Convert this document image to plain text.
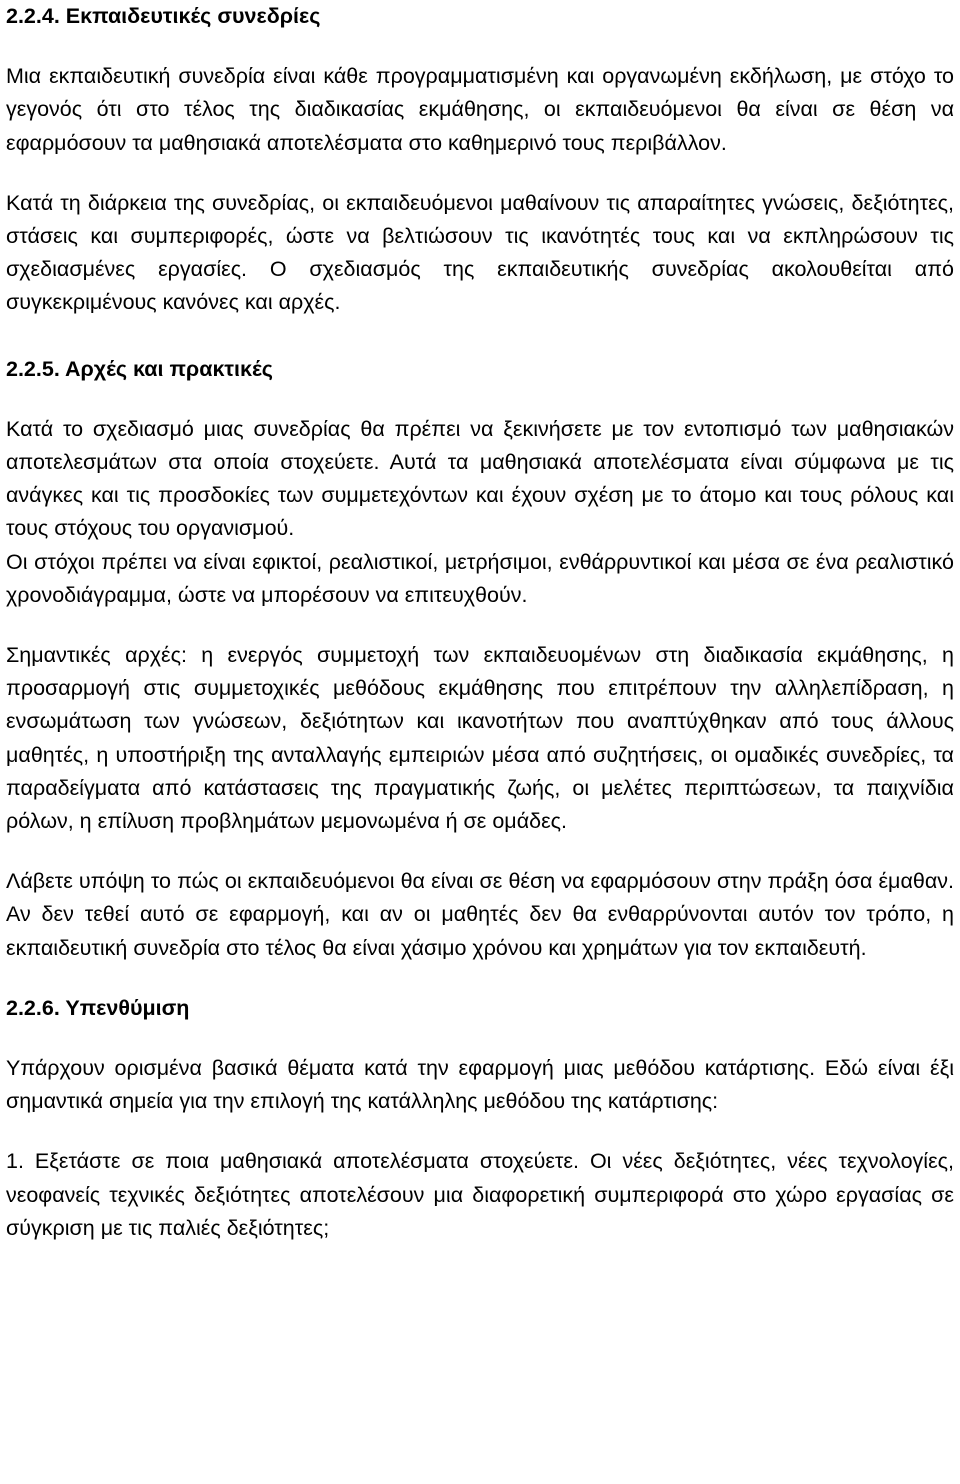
2.2.4. Εκπαιδευτικές συνεδρίες

Μια εκπαιδευτική συνεδρία είναι κάθε προγραμματισμένη και οργανωμένη εκδήλωση, με στόχο το γεγονός ότι στο τέλος της διαδικασίας εκμάθησης, οι εκπαιδευόμενοι θα είναι σε θέση να εφαρμόσουν τα μαθησιακά αποτελέσματα στο καθημερινό τους περιβάλλον.

Κατά τη διάρκεια της συνεδρίας, οι εκπαιδευόμενοι μαθαίνουν τις απαραίτητες γνώσεις, δεξιότητες, στάσεις και συμπεριφορές, ώστε να βελτιώσουν τις ικανότητές τους και να εκπληρώσουν τις σχεδιασμένες εργασίες. Ο σχεδιασμός της εκπαιδευτικής συνεδρίας ακολουθείται από συγκεκριμένους κανόνες και αρχές.

2.2.5. Αρχές και πρακτικές

Κατά το σχεδιασμό μιας συνεδρίας θα πρέπει να ξεκινήσετε με τον εντοπισμό των μαθησιακών αποτελεσμάτων στα οποία στοχεύετε. Αυτά τα μαθησιακά αποτελέσματα είναι σύμφωνα με τις ανάγκες και τις προσδοκίες των συμμετεχόντων και έχουν σχέση με το άτομο και τους ρόλους και τους στόχους του οργανισμού.

Οι στόχοι πρέπει να είναι εφικτοί, ρεαλιστικοί, μετρήσιμοι, ενθάρρυντικοί και μέσα σε ένα ρεαλιστικό χρονοδιάγραμμα, ώστε να μπορέσουν να επιτευχθούν.

Σημαντικές αρχές: η ενεργός συμμετοχή των εκπαιδευομένων στη διαδικασία εκμάθησης, η προσαρμογή στις συμμετοχικές μεθόδους εκμάθησης που επιτρέπουν την αλληλεπίδραση, η ενσωμάτωση των γνώσεων, δεξιότητων και ικανοτήτων που αναπτύχθηκαν από τους άλλους μαθητές, η υποστήριξη της ανταλλαγής εμπειριών μέσα από συζητήσεις, οι ομαδικές συνεδρίες, τα παραδείγματα από κατάστασεις της πραγματικής ζωής, οι μελέτες περιπτώσεων, τα παιχνίδια ρόλων, η επίλυση προβλημάτων μεμονωμένα ή σε ομάδες.

Λάβετε υπόψη το πώς οι εκπαιδευόμενοι θα είναι σε θέση να εφαρμόσουν στην πράξη όσα έμαθαν. Αν δεν τεθεί αυτό σε εφαρμογή, και αν οι μαθητές δεν θα ενθαρρύνονται αυτόν τον τρόπο, η εκπαιδευτική συνεδρία στο τέλος θα είναι χάσιμο χρόνου και χρημάτων για τον εκπαιδευτή.

2.2.6. Υπενθύμιση

Υπάρχουν ορισμένα βασικά θέματα κατά την εφαρμογή μιας μεθόδου κατάρτισης. Εδώ είναι έξι σημαντικά σημεία για την επιλογή της κατάλληλης μεθόδου της κατάρτισης:

1. Εξετάστε σε ποια μαθησιακά αποτελέσματα στοχεύετε. Οι νέες δεξιότητες, νέες τεχνολογίες, νεοφανείς τεχνικές δεξιότητες αποτελέσουν μια διαφορετική συμπεριφορά στο χώρο εργασίας σε σύγκριση με τις παλιές δεξιότητες;
